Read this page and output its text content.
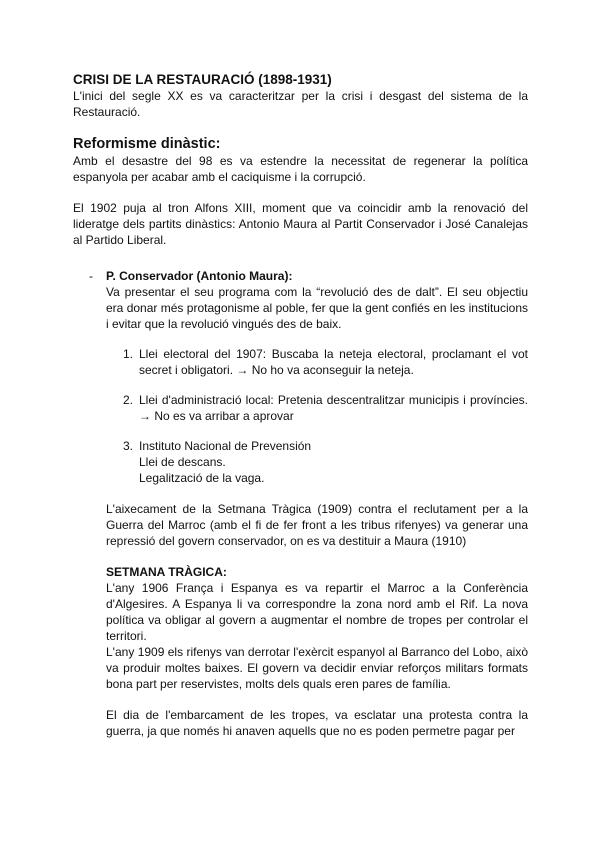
CRISI DE LA RESTAURACIÓ (1898-1931)

L'inici del segle XX es va caracteritzar per la crisi i desgast del sistema de la Restauració.

Reformisme dinàstic:

Amb el desastre del 98 es va estendre la necessitat de regenerar la política espanyola per acabar amb el caciquisme i la corrupció.

El 1902 puja al tron Alfons XIII, moment que va coincidir amb la renovació del lideratge dels partits dinàstics: Antonio Maura al Partit Conservador i José Canalejas al Partido Liberal.

- P. Conservador (Antonio Maura):

Va presentar el seu programa com la “revolució des de dalt”. El seu objectiu era donar més protagonisme al poble, fer que la gent confiés en les institucions i evitar que la revolució vingués des de baix.

1. Llei electoral del 1907: Buscaba la neteja electoral, proclamant el vot secret i obligatori. → No ho va aconseguir la neteja.
2. Llei d'administració local: Pretenia descentralitzar municipis i províncies. → No es va arribar a aprovar
3. Instituto Nacional de Prevensión
Llei de descans.
Legalització de la vaga.

L'aixecament de la Setmana Tràgica (1909) contra el reclutament per a la Guerra del Marroc (amb el fi de fer front a les tribus rifenyes) va generar una repressió del govern conservador, on es va destituir a Maura (1910)

SETMANA TRÀGICA:

L'any 1906 França i Espanya es va repartir el Marroc a la Conferència d'Algesires. A Espanya li va correspondre la zona nord amb el Rif. La nova política va obligar al govern a augmentar el nombre de tropes per controlar el territori.

L'any 1909 els rifenys van derrotar l'exèrcit espanyol al Barranco del Lobo, això va produir moltes baixes. El govern va decidir enviar reforços militars formats bona part per reservistes, molts dels quals eren pares de família.

El dia de l'embarcament de les tropes, va esclatar una protesta contra la guerra, ja que només hi anaven aquells que no es poden permetre pagar per
